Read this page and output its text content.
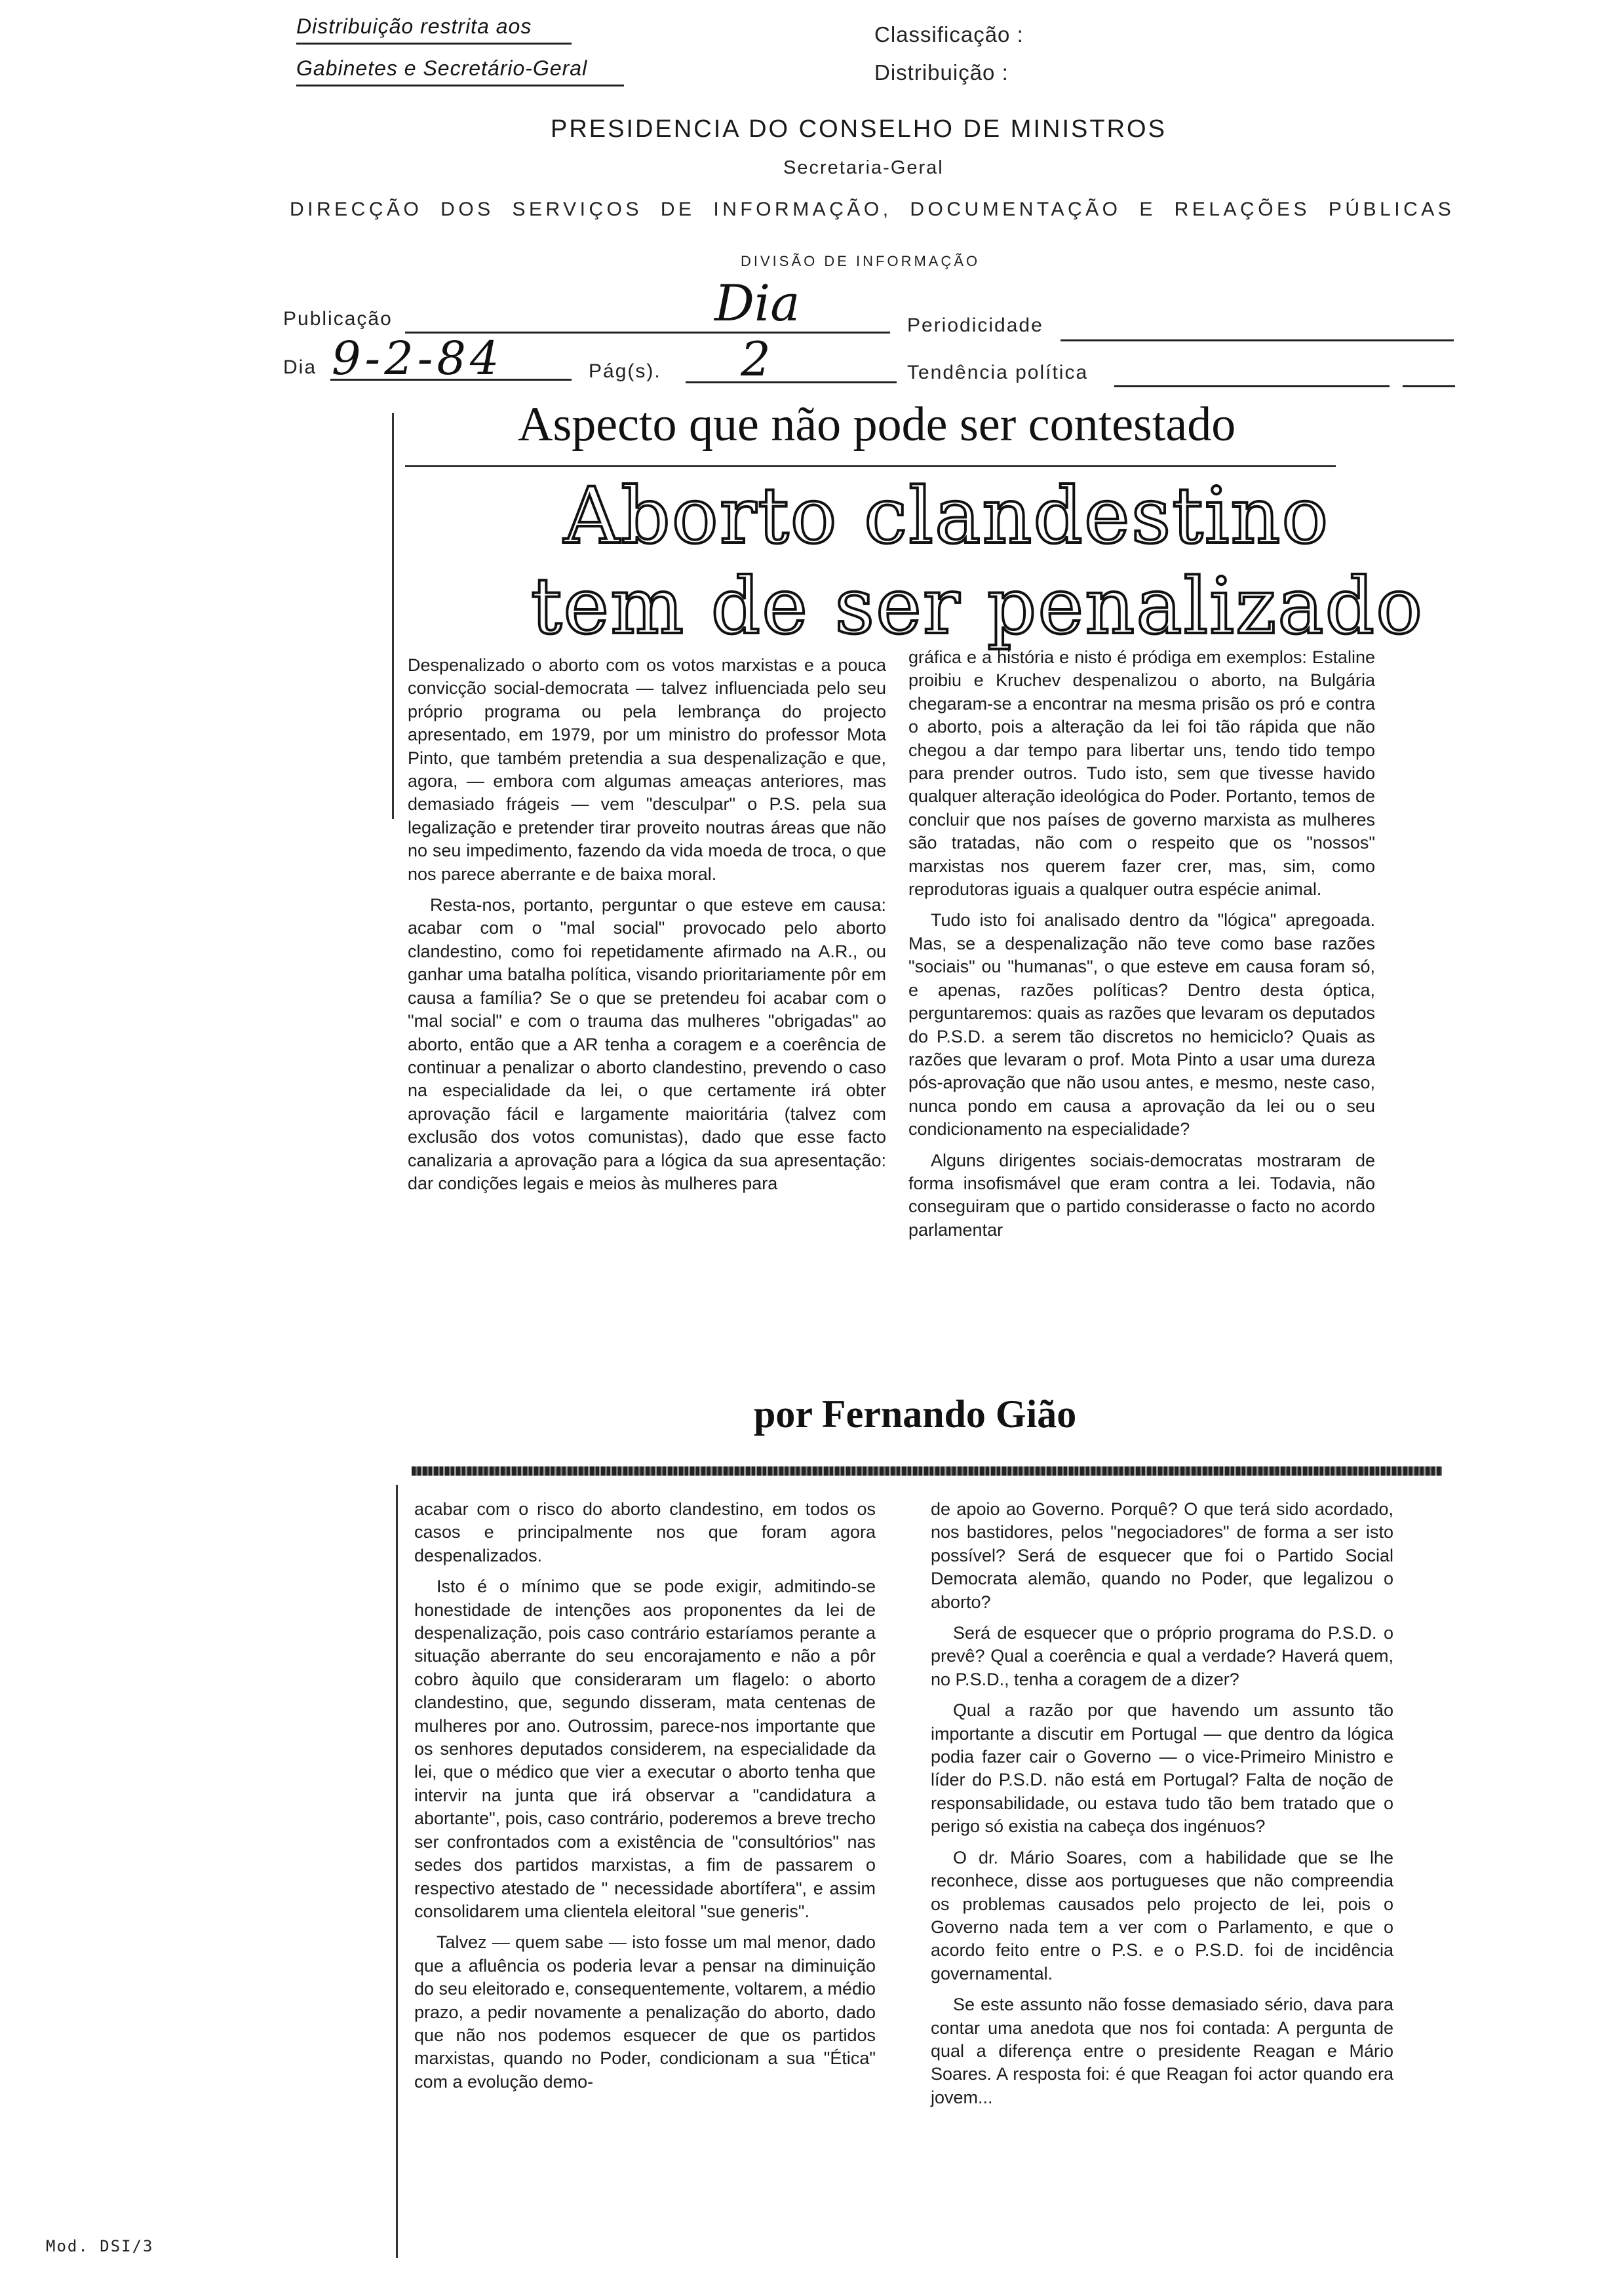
Distribuição restrita aos
Gabinetes e Secretário-Geral
Classificação :
Distribuição :
PRESIDENCIA DO CONSELHO DE MINISTROS
Secretaria-Geral
DIRECÇÃO DOS SERVIÇOS DE INFORMAÇÃO, DOCUMENTAÇÃO E RELAÇÕES PÚBLICAS
DIVISÃO DE INFORMAÇÃO
Publicação	Dia	Periodicidade
Dia 9-2-84	Pág(s). 2	Tendência política
Aspecto que não pode ser contestado
Aborto clandestino
tem de ser penalizado

Despenalizado o aborto com os votos marxistas e a pouca convicção social-democrata — talvez influenciada pelo seu próprio programa ou pela lembrança do projecto apresentado, em 1979, por um ministro do professor Mota Pinto, que também pretendia a sua despenalização e que, agora, — embora com algumas ameaças anteriores, mas demasiado frágeis — vem "desculpar" o P.S. pela sua legalização e pretender tirar proveito noutras áreas que não no seu impedimento, fazendo da vida moeda de troca, o que nos parece aberrante e de baixa moral.

Resta-nos, portanto, perguntar o que esteve em causa: acabar com o "mal social" provocado pelo aborto clandestino, como foi repetidamente afirmado na A.R., ou ganhar uma batalha política, visando prioritariamente pôr em causa a família? Se o que se pretendeu foi acabar com o "mal social" e com o trauma das mulheres "obrigadas" ao aborto, então que a AR tenha a coragem e a coerência de continuar a penalizar o aborto clandestino, prevendo o caso na especialidade da lei, o que certamente irá obter aprovação fácil e largamente maioritária (talvez com exclusão dos votos comunistas), dado que esse facto canalizaria a aprovação para a lógica da sua apresentação: dar condições legais e meios às mulheres para

gráfica e a história e nisto é pródiga em exemplos: Estaline proibiu e Kruchev despenalizou o aborto, na Bulgária chegaram-se a encontrar na mesma prisão os pró e contra o aborto, pois a alteração da lei foi tão rápida que não chegou a dar tempo para libertar uns, tendo tido tempo para prender outros. Tudo isto, sem que tivesse havido qualquer alteração ideológica do Poder. Portanto, temos de concluir que nos países de governo marxista as mulheres são tratadas, não com o respeito que os "nossos" marxistas nos querem fazer crer, mas, sim, como reprodutoras iguais a qualquer outra espécie animal.

Tudo isto foi analisado dentro da "lógica" apregoada. Mas, se a despenalização não teve como base razões "sociais" ou "humanas", o que esteve em causa foram só, e apenas, razões políticas? Dentro desta óptica, perguntaremos: quais as razões que levaram os deputados do P.S.D. a serem tão discretos no hemiciclo? Quais as razões que levaram o prof. Mota Pinto a usar uma dureza pós-aprovação que não usou antes, e mesmo, neste caso, nunca pondo em causa a aprovação da lei ou o seu condicionamento na especialidade?

Alguns dirigentes sociais-democratas mostraram de forma insofismável que eram contra a lei. Todavia, não conseguiram que o partido considerasse o facto no acordo parlamentar

por Fernando Gião

acabar com o risco do aborto clandestino, em todos os casos e principalmente nos que foram agora despenalizados.

Isto é o mínimo que se pode exigir, admitindo-se honestidade de intenções aos proponentes da lei de despenalização, pois caso contrário estaríamos perante a situação aberrante do seu encorajamento e não a pôr cobro àquilo que consideraram um flagelo: o aborto clandestino, que, segundo disseram, mata centenas de mulheres por ano. Outrossim, parece-nos importante que os senhores deputados considerem, na especialidade da lei, que o médico que vier a executar o aborto tenha que intervir na junta que irá observar a "candidatura a abortante", pois, caso contrário, poderemos a breve trecho ser confrontados com a existência de "consultórios" nas sedes dos partidos marxistas, a fim de passarem o respectivo atestado de " necessidade abortífera", e assim consolidarem uma clientela eleitoral "sue generis".

Talvez — quem sabe — isto fosse um mal menor, dado que a afluência os poderia levar a pensar na diminuição do seu eleitorado e, consequentemente, voltarem, a médio prazo, a pedir novamente a penalização do aborto, dado que não nos podemos esquecer de que os partidos marxistas, quando no Poder, condicionam a sua "Ética" com a evolução demo-

de apoio ao Governo. Porquê? O que terá sido acordado, nos bastidores, pelos "negociadores" de forma a ser isto possível? Será de esquecer que foi o Partido Social Democrata alemão, quando no Poder, que legalizou o aborto?

Será de esquecer que o próprio programa do P.S.D. o prevê? Qual a coerência e qual a verdade? Haverá quem, no P.S.D., tenha a coragem de a dizer?

Qual a razão por que havendo um assunto tão importante a discutir em Portugal — que dentro da lógica podia fazer cair o Governo — o vice-Primeiro Ministro e líder do P.S.D. não está em Portugal? Falta de noção de responsabilidade, ou estava tudo tão bem tratado que o perigo só existia na cabeça dos ingénuos?

O dr. Mário Soares, com a habilidade que se lhe reconhece, disse aos portugueses que não compreendia os problemas causados pelo projecto de lei, pois o Governo nada tem a ver com o Parlamento, e que o acordo feito entre o P.S. e o P.S.D. foi de incidência governamental.

Se este assunto não fosse demasiado sério, dava para contar uma anedota que nos foi contada: A pergunta de qual a diferença entre o presidente Reagan e Mário Soares. A resposta foi: é que Reagan foi actor quando era jovem...

Mod. DSI/3
